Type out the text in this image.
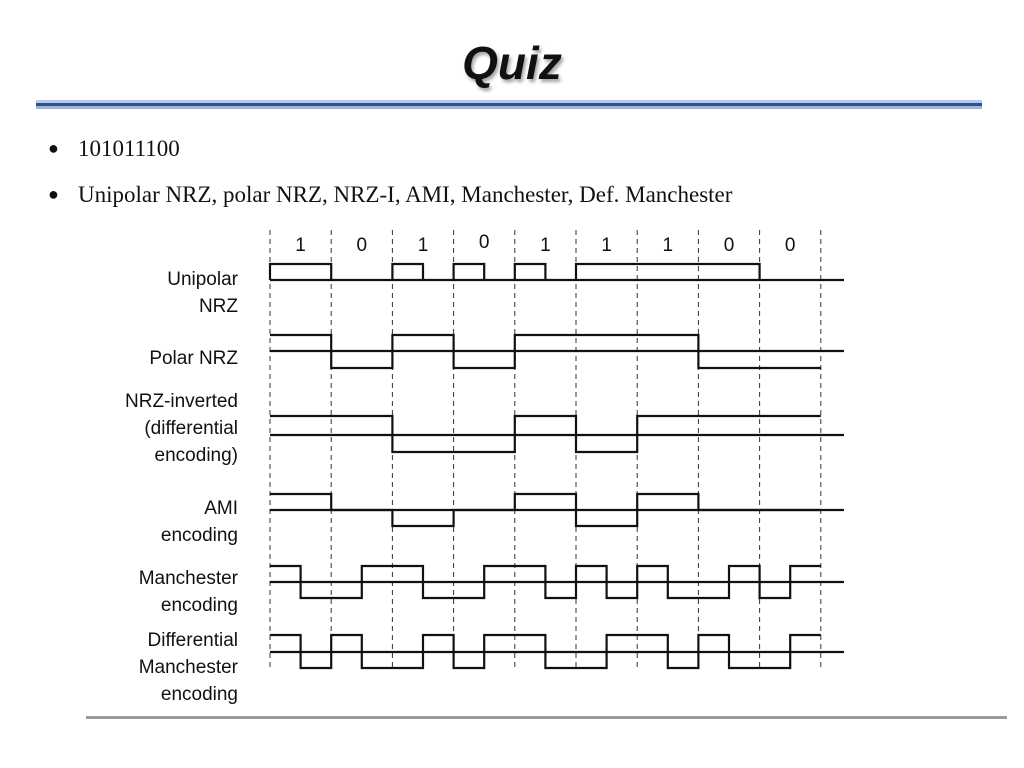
Quiz
● 101011100
● Unipolar NRZ, polar NRZ, NRZ-I, AMI, Manchester, Def. Manchester
1	0	1	0	1	1	1	0	0
Unipolar
NRZ
Polar NRZ
NRZ-inverted
(differential
encoding)
AMI
encoding
Manchester
encoding
Differential
Manchester
encoding
